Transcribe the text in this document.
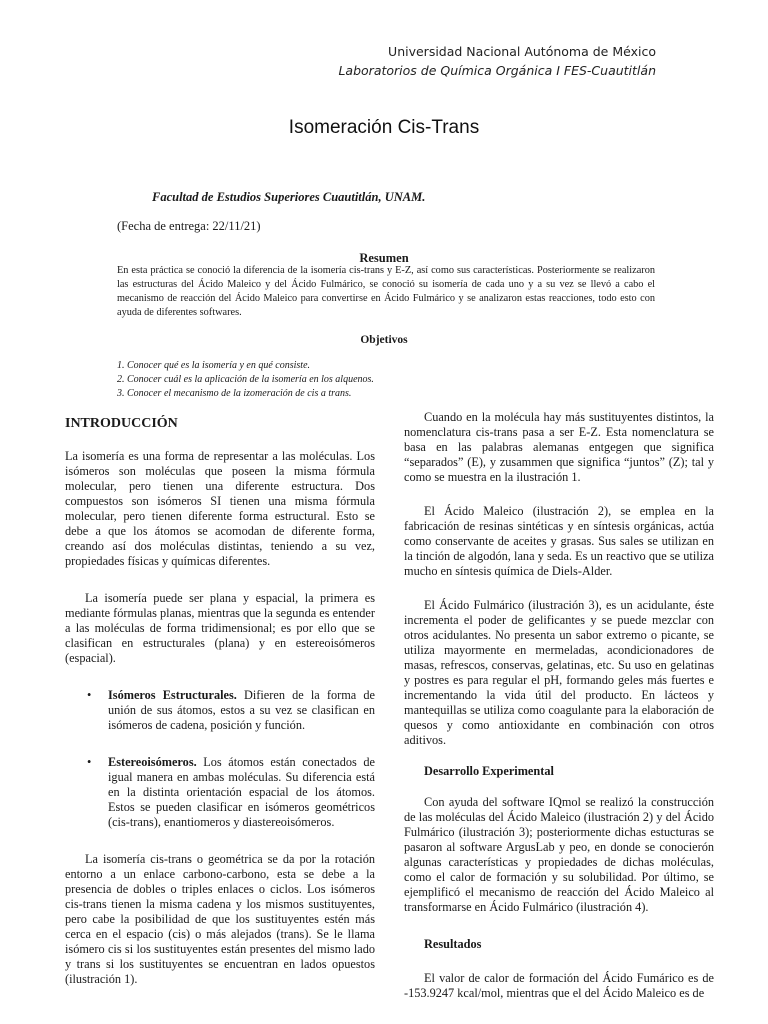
Universidad Nacional Autónoma de México
Laboratorios de Química Orgánica I FES-Cuautitlán
Isomeración Cis-Trans
Facultad de Estudios Superiores Cuautitlán, UNAM.
(Fecha de entrega: 22/11/21)
Resumen
En esta práctica se conoció la diferencia de la isomería cis-trans y E-Z, así como sus características. Posteriormente se realizaron las estructuras del Ácido Maleico y del Ácido Fulmárico, se conoció su isomería de cada uno y a su vez se llevó a cabo el mecanismo de reacción del Ácido Maleico para convertirse en Ácido Fulmárico y se analizaron estas reacciones, todo esto con ayuda de diferentes softwares.
Objetivos
1. Conocer qué es la isomería y en qué consiste.
2. Conocer cuál es la aplicación de la isomería en los alquenos.
3. Conocer el mecanismo de la izomeración de cis a trans.
INTRODUCCIÓN

La isomería es una forma de representar a las moléculas. Los isómeros son moléculas que poseen la misma fórmula molecular, pero tienen una diferente estructura. Dos compuestos son isómeros SI tienen una misma fórmula molecular, pero tienen diferente forma estructural. Esto se debe a que los átomos se acomodan de diferente forma, creando así dos moléculas distintas, teniendo a su vez, propiedades físicas y químicas diferentes.

La isomería puede ser plana y espacial, la primera es mediante fórmulas planas, mientras que la segunda es entender a las moléculas de forma tridimensional; es por ello que se clasifican en estructurales (plana) y en estereoisómeros (espacial).

• Isómeros Estructurales. Difieren de la forma de unión de sus átomos, estos a su vez se clasifican en isómeros de cadena, posición y función.

• Estereoisómeros. Los átomos están conectados de igual manera en ambas moléculas. Su diferencia está en la distinta orientación espacial de los átomos. Estos se pueden clasificar en isómeros geométricos (cis-trans), enantiomeros y diastereoisómeros.

La isomería cis-trans o geométrica se da por la rotación entorno a un enlace carbono-carbono, esta se debe a la presencia de dobles o triples enlaces o ciclos. Los isómeros cis-trans tienen la misma cadena y los mismos sustituyentes, pero cabe la posibilidad de que los sustituyentes estén más cerca en el espacio (cis) o más alejados (trans). Se le llama isómero cis si los sustituyentes están presentes del mismo lado y trans si los sustituyentes se encuentran en lados opuestos (ilustración 1).

Cuando en la molécula hay más sustituyentes distintos, la nomenclatura cis-trans pasa a ser E-Z. Esta nomenclatura se basa en las palabras alemanas entgegen que significa “separados” (E), y zusammen que significa “juntos” (Z); tal y como se muestra en la ilustración 1.

El Ácido Maleico (ilustración 2), se emplea en la fabricación de resinas sintéticas y en síntesis orgánicas, actúa como conservante de aceites y grasas. Sus sales se utilizan en la tinción de algodón, lana y seda. Es un reactivo que se utiliza mucho en síntesis química de Diels-Alder.

El Ácido Fulmárico (ilustración 3), es un acidulante, éste incrementa el poder de gelificantes y se puede mezclar con otros acidulantes. No presenta un sabor extremo o picante, se utiliza mayormente en mermeladas, acondicionadores de masas, refrescos, conservas, gelatinas, etc. Su uso en gelatinas y postres es para regular el pH, formando geles más fuertes e incrementando la vida útil del producto. En lácteos y mantequillas se utiliza como coagulante para la elaboración de quesos y como antioxidante en combinación con otros aditivos.

Desarrollo Experimental

Con ayuda del software IQmol se realizó la construcción de las moléculas del Ácido Maleico (ilustración 2) y del Ácido Fulmárico (ilustración 3); posteriormente dichas estucturas se pasaron al software ArgusLab y peo, en donde se conocierón algunas características y propiedades de dichas moléculas, como el calor de formación y su solubilidad. Por último, se ejemplificó el mecanismo de reacción del Ácido Maleico al transformarse en Ácido Fulmárico (ilustración 4).

Resultados

El valor de calor de formación del Ácido Fumárico es de -153.9247 kcal/mol, mientras que el del Ácido Maleico es de
